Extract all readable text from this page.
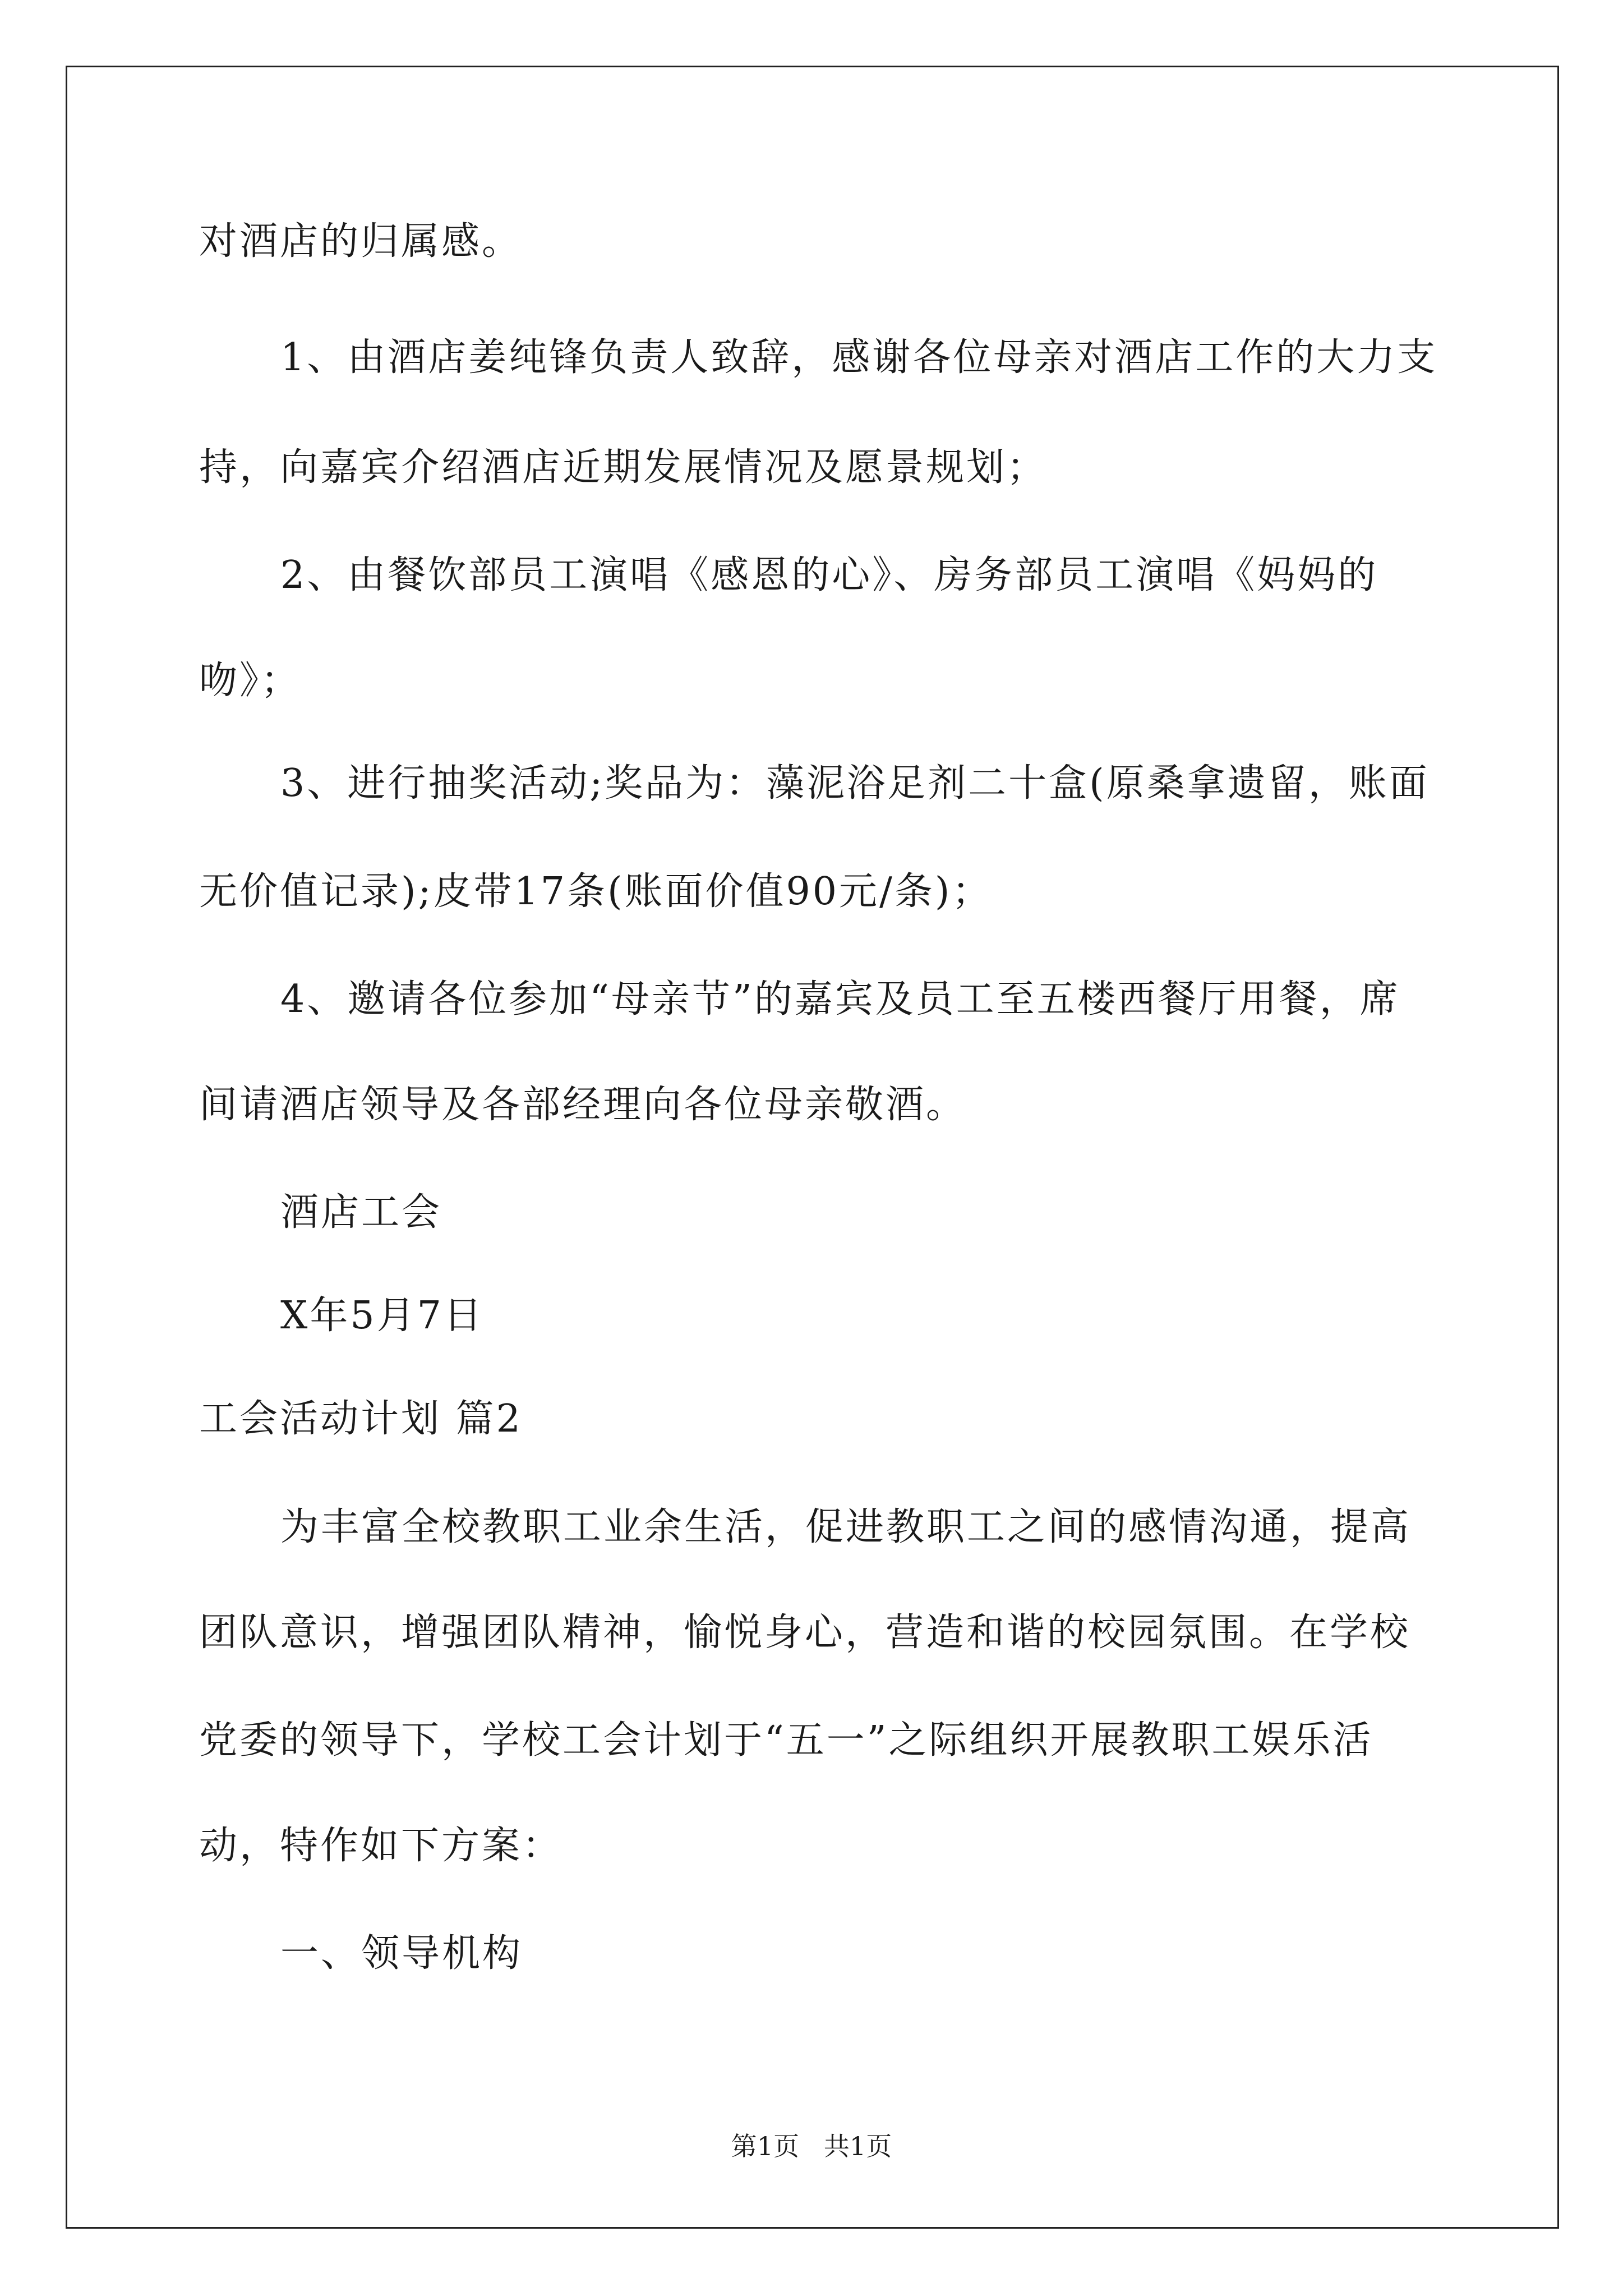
对酒店的归属感。
1、由酒店姜纯锋负责人致辞，感谢各位母亲对酒店工作的大力支
持，向嘉宾介绍酒店近期发展情况及愿景规划；
2、由餐饮部员工演唱《感恩的心》、房务部员工演唱《妈妈的
吻》；
3、进行抽奖活动;奖品为：藻泥浴足剂二十盒(原桑拿遗留，账面
无价值记录);皮带17条(账面价值90元/条)；
4、邀请各位参加“母亲节”的嘉宾及员工至五楼西餐厅用餐，席
间请酒店领导及各部经理向各位母亲敬酒。
酒店工会
X年5月7日
工会活动计划 篇2
为丰富全校教职工业余生活，促进教职工之间的感情沟通，提高
团队意识，增强团队精神，愉悦身心，营造和谐的校园氛围。在学校
党委的领导下，学校工会计划于“五一”之际组织开展教职工娱乐活
动，特作如下方案：
一、领导机构
第1页   共1页
